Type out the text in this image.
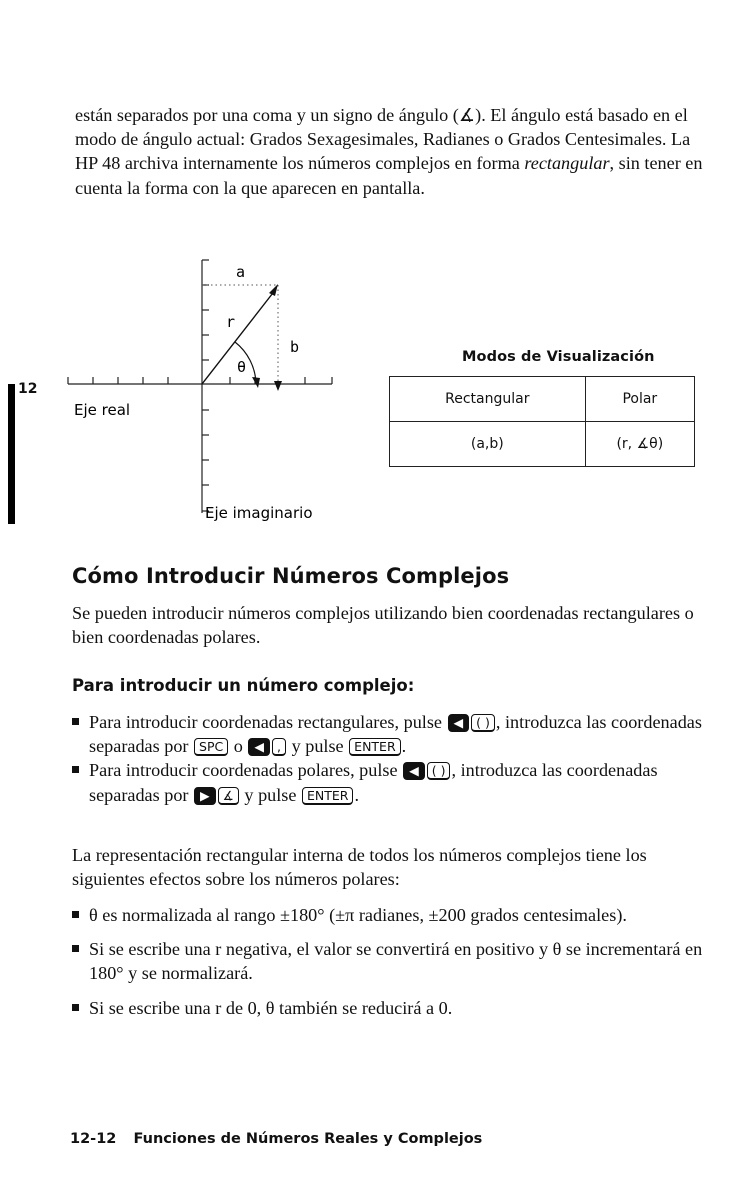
están separados por una coma y un signo de ángulo (∡). El ángulo está basado en el modo de ángulo actual: Grados Sexagesimales, Radianes o Grados Centesimales. La HP 48 archiva internamente los números complejos en forma rectangular, sin tener en cuenta la forma con la que aparecen en pantalla.

12
a
r
b
θ
Eje real
Eje imaginario
Modos de Visualización
Rectangular	Polar
(a,b)	(r, ∡θ)
Cómo Introducir Números Complejos

Se pueden introducir números complejos utilizando bien coordenadas rectangulares o bien coordenadas polares.

Para introducir un número complejo:
Para introducir coordenadas rectangulares, pulse ◀ ( ) , introduzca las coordenadas separadas por SPC o ◀ , y pulse ENTER .
Para introducir coordenadas polares, pulse ◀ ( ) , introduzca las coordenadas separadas por ▶ ∡ y pulse ENTER .

La representación rectangular interna de todos los números complejos tiene los siguientes efectos sobre los números polares:

θ es normalizada al rango ±180° (±π radianes, ±200 grados centesimales).
Si se escribe una r negativa, el valor se convertirá en positivo y θ se incrementará en 180° y se normalizará.
Si se escribe una r de 0, θ también se reducirá a 0.
12-12 Funciones de Números Reales y Complejos
